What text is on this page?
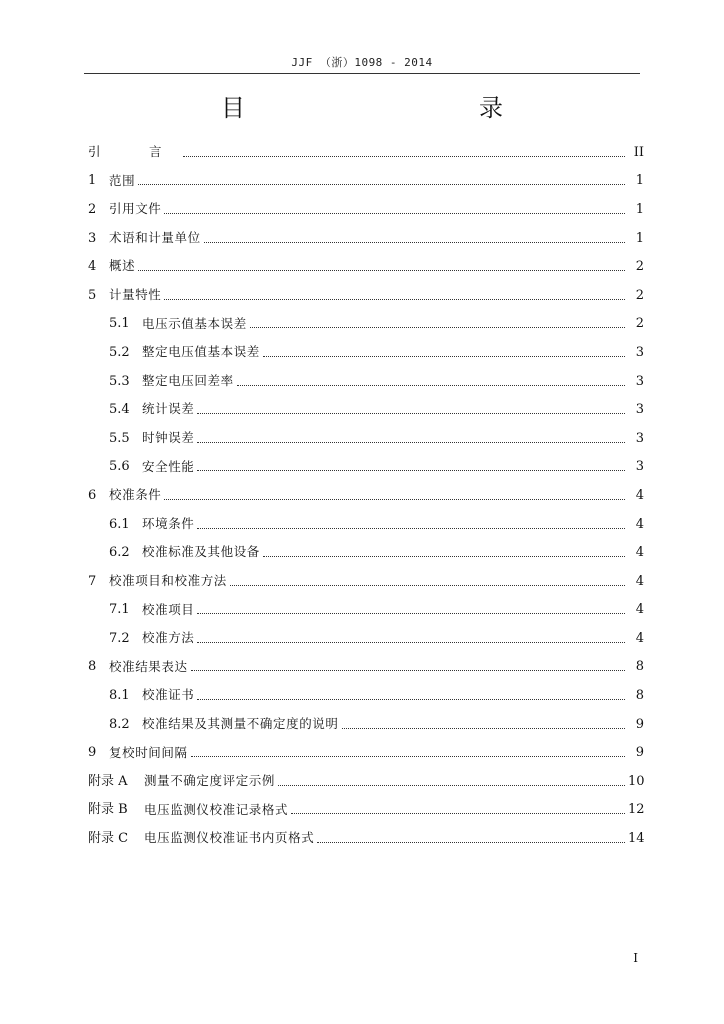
JJF （浙）1098 - 2014
目　　录
引　言	II
1	范围	1
2	引用文件	1
3	术语和计量单位	1
4	概述	2
5	计量特性	2
5.1 电压示值基本误差	2
5.2 整定电压值基本误差	3
5.3 整定电压回差率	3
5.4 统计误差	3
5.5 时钟误差	3
5.6 安全性能	3
6	校准条件	4
6.1 环境条件	4
6.2 校准标准及其他设备	4
7	校准项目和校准方法	4
7.1 校准项目	4
7.2 校准方法	4
8	校准结果表达	8
8.1 校准证书	8
8.2 校准结果及其测量不确定度的说明	9
9	复校时间间隔	9
附录 A	测量不确定度评定示例	10
附录 B	电压监测仪校准记录格式	12
附录 C	电压监测仪校准证书内页格式	14
I
